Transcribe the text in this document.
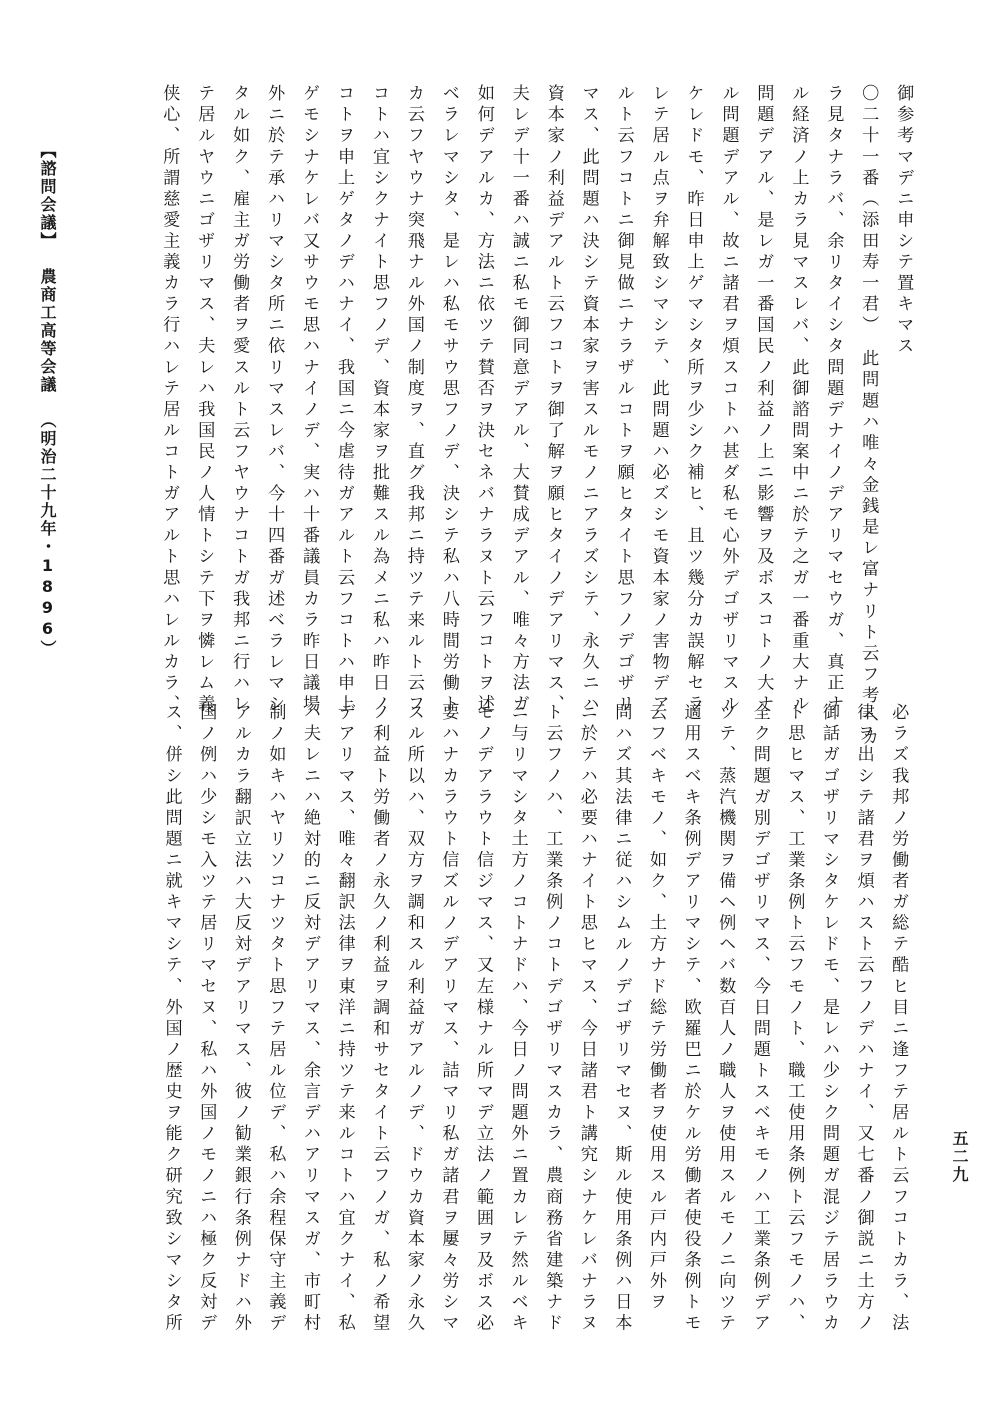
【諮問会議】農商工高等会議（明治二十九年・1896）
五二九
御参考マデニ申シテ置キマス
〇二十一番（添田寿一君）　此問題ハ唯々金銭是レ富ナリト云フ考ヘカ
ラ見タナラバ、余リタイシタ問題デナイノデアリマセウガ、真正ナ
ル経済ノ上カラ見マスレバ、此御諮問案中ニ於テ之ガ一番重大ナル
問題デアル、是レガ一番国民ノ利益ノ上ニ影響ヲ及ボスコトノ大ナ
ル問題デアル、故ニ諸君ヲ煩スコトハ甚ダ私モ心外デゴザリマスル
ケレドモ、昨日申上ゲマシタ所ヲ少シク補ヒ、且ツ幾分カ誤解セラ
レテ居ル点ヲ弁解致シマシテ、此問題ハ必ズシモ資本家ノ害物デア
ルト云フコトニ御見做ニナラザルコトヲ願ヒタイト思フノデゴザリ
マス、此問題ハ決シテ資本家ヲ害スルモノニアラズシテ、永久ニハ
資本家ノ利益デアルト云フコトヲ御了解ヲ願ヒタイノデアリマス、
夫レデ十一番ハ誠ニ私モ御同意デアル、大賛成デアル、唯々方法ガ
如何デアルカ、方法ニ依ツテ賛否ヲ決セネバナラヌト云フコトヲ述
ベラレマシタ、是レハ私モサウ思フノデ、決シテ私ハ八時間労働ト
カ云フヤウナ突飛ナル外国ノ制度ヲ、直グ我邦ニ持ツテ来ルト云フ
コトハ宜シクナイト思フノデ、資本家ヲ批難スル為メニ私ハ昨日ノ
コトヲ申上ゲタノデハナイ、我国ニ今虐待ガアルト云フコトハ申上
ゲモシナケレバ又サウモ思ハナイノデ、実ハ十番議員カラ昨日議場
外ニ於テ承ハリマシタ所ニ依リマスレバ、今十四番ガ述ベラレマシ
タル如ク、雇主ガ労働者ヲ愛スルト云フヤウナコトガ我邦ニ行ハレ
テ居ルヤウニゴザリマス、夫レハ我国民ノ人情トシテ下ヲ憐レム義
侠心、所謂慈愛主義カラ行ハレテ居ルコトガアルト思ハレルカラ、
必ラズ我邦ノ労働者ガ総テ酷ヒ目ニ逢フテ居ルト云フコトカラ、法
律ヲ出シテ諸君ヲ煩ハスト云フノデハナイ、又七番ノ御説ニ土方ノ
御話ガゴザリマシタケレドモ、是レハ少シク問題ガ混ジテ居ラウカ
ト思ヒマス、工業条例ト云フモノト、職工使用条例ト云フモノハ、
全ク問題ガ別デゴザリマス、今日問題トスベキモノハ工業条例デア
ツテ、蒸汽機関ヲ備ヘ例ヘバ数百人ノ職人ヲ使用スルモノニ向ツテ
適用スベキ条例デアリマシテ、欧羅巴ニ於ケル労働者使役条例トモ
云フベキモノ、如ク、土方ナド総テ労働者ヲ使用スル戸内戸外ヲ
問ハズ其法律ニ従ハシムルノデゴザリマセヌ、斯ル使用条例ハ日本
ニ於テハ必要ハナイト思ヒマス、今日諸君ト講究シナケレバナラヌ
ト云フノハ、工業条例ノコトデゴザリマスカラ、農商務省建築ナド
ニ与リマシタ土方ノコトナドハ、今日ノ問題外ニ置カレテ然ルベキ
モノデアラウト信ジマス、又左様ナル所マデ立法ノ範囲ヲ及ボス必
要ハナカラウト信ズルノデアリマス、詰マリ私ガ諸君ヲ屢々労シマ
スル所以ハ、双方ヲ調和スル利益ガアルノデ、ドウカ資本家ノ永久
ノ利益ト労働者ノ永久ノ利益ヲ調和サセタイト云フノガ、私ノ希望
デアリマス、唯々翻訳法律ヲ東洋ニ持ツテ来ルコトハ宜クナイ、私
ハ夫レニハ絶対的ニ反対デアリマス、余言デハアリマスガ、市町村
制ノ如キハヤリソコナツタト思フテ居ル位デ、私ハ余程保守主義デ
アルカラ翻訳立法ハ大反対デアリマス、彼ノ勧業銀行条例ナドハ外
国ノ例ハ少シモ入ツテ居リマセヌ、私ハ外国ノモノニハ極ク反対デ
ス、併シ此問題ニ就キマシテ、外国ノ歴史ヲ能ク研究致シマシタ所
